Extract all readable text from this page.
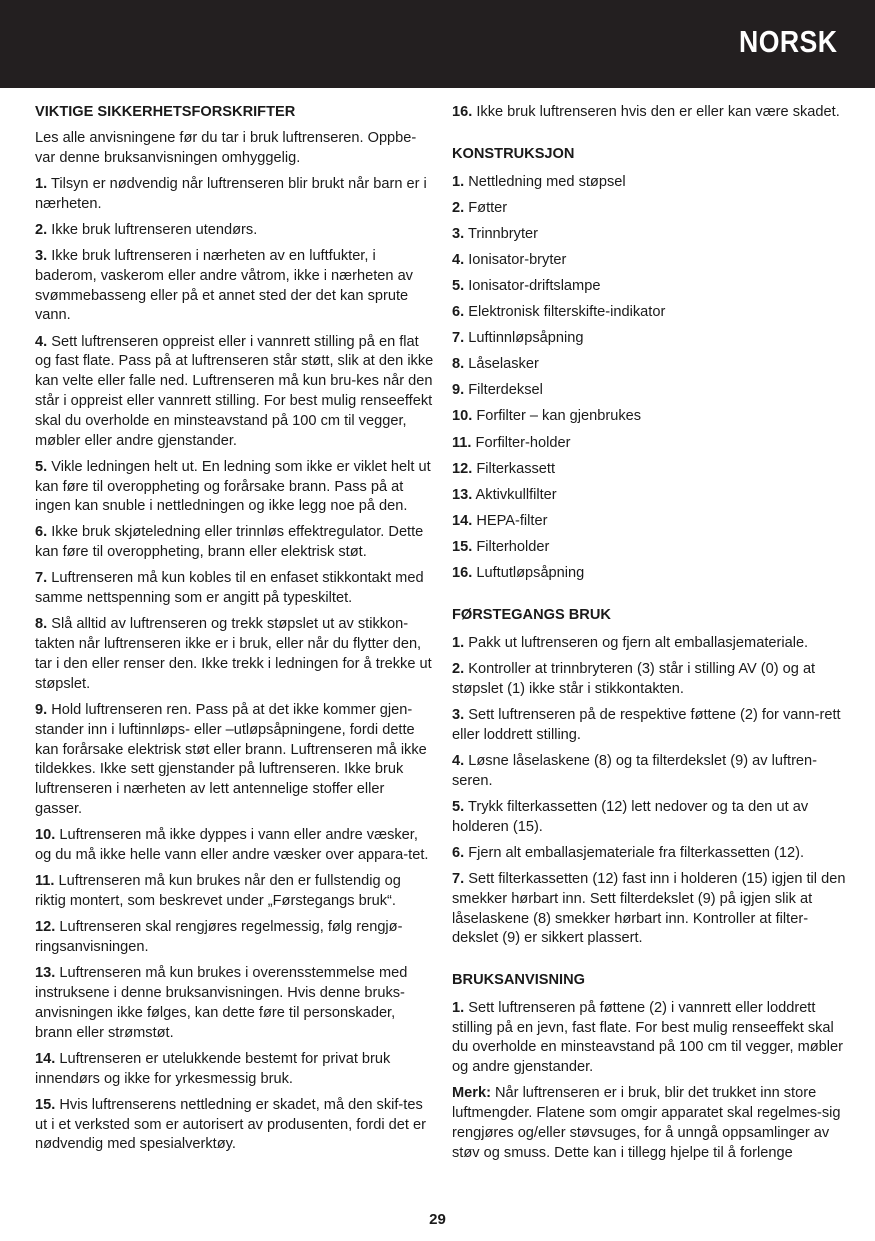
NORSK
VIKTIGE SIKKERHETSFORSKRIFTER

Les alle anvisningene før du tar i bruk luftrenseren. Oppbe-var denne bruksanvisningen omhyggelig.

1. Tilsyn er nødvendig når luftrenseren blir brukt når barn er i nærheten.

2. Ikke bruk luftrenseren utendørs.

3. Ikke bruk luftrenseren i nærheten av en luftfukter, i baderom, vaskerom eller andre våtrom, ikke i nærheten av svømmebasseng eller på et annet sted der det kan sprute vann.

4. Sett luftrenseren oppreist eller i vannrett stilling på en flat og fast flate. Pass på at luftrenseren står støtt, slik at den ikke kan velte eller falle ned. Luftrenseren må kun bru-kes når den står i oppreist eller vannrett stilling. For best mulig renseeffekt skal du overholde en minsteavstand på 100 cm til vegger, møbler eller andre gjenstander.

5. Vikle ledningen helt ut. En ledning som ikke er viklet helt ut kan føre til overoppheting og forårsake brann. Pass på at ingen kan snuble i nettledningen og ikke legg noe på den.

6. Ikke bruk skjøteledning eller trinnløs effektregulator. Dette kan føre til overoppheting, brann eller elektrisk støt.

7. Luftrenseren må kun kobles til en enfaset stikkontakt med samme nettspenning som er angitt på typeskiltet.

8. Slå alltid av luftrenseren og trekk støpslet ut av stikkon-takten når luftrenseren ikke er i bruk, eller når du flytter den, tar i den eller renser den. Ikke trekk i ledningen for å trekke ut støpslet.

9. Hold luftrenseren ren. Pass på at det ikke kommer gjen-stander inn i luftinnløps- eller –utløpsåpningene, fordi dette kan forårsake elektrisk støt eller brann. Luftrenseren må ikke tildekkes. Ikke sett gjenstander på luftrenseren. Ikke bruk luftrenseren i nærheten av lett antennelige stoffer eller gasser.

10. Luftrenseren må ikke dyppes i vann eller andre væsker, og du må ikke helle vann eller andre væsker over appara-tet.

11. Luftrenseren må kun brukes når den er fullstendig og riktig montert, som beskrevet under „Førstegangs bruk“.

12. Luftrenseren skal rengjøres regelmessig, følg rengjø-ringsanvisningen.

13. Luftrenseren må kun brukes i overensstemmelse med instruksene i denne bruksanvisningen. Hvis denne bruks-anvisningen ikke følges, kan dette føre til personskader, brann eller strømstøt.

14. Luftrenseren er utelukkende bestemt for privat bruk innendørs og ikke for yrkesmessig bruk.

15. Hvis luftrenserens nettledning er skadet, må den skif-tes ut i et verksted som er autorisert av produsenten, fordi det er nødvendig med spesialverktøy.

16. Ikke bruk luftrenseren hvis den er eller kan være skadet.

KONSTRUKSJON
1. Nettledning med støpsel
2. Føtter
3. Trinnbryter
4. Ionisator-bryter
5. Ionisator-driftslampe
6. Elektronisk filterskifte-indikator
7. Luftinnløpsåpning
8. Låselasker
9. Filterdeksel
10. Forfilter – kan gjenbrukes
11. Forfilter-holder
12. Filterkassett
13. Aktivkullfilter
14. HEPA-filter
15. Filterholder
16. Luftutløpsåpning
FØRSTEGANGS BRUK

1. Pakk ut luftrenseren og fjern alt emballasjemateriale.

2. Kontroller at trinnbryteren (3) står i stilling AV (0) og at støpslet (1) ikke står i stikkontakten.

3. Sett luftrenseren på de respektive føttene (2) for vann-rett eller loddrett stilling.

4. Løsne låselaskene (8) og ta filterdekslet (9) av luftren-seren.

5. Trykk filterkassetten (12) lett nedover og ta den ut av holderen (15).

6. Fjern alt emballasjemateriale fra filterkassetten (12).

7. Sett filterkassetten (12) fast inn i holderen (15) igjen til den smekker hørbart inn. Sett filterdekslet (9) på igjen slik at låselaskene (8) smekker hørbart inn. Kontroller at filter-dekslet (9) er sikkert plassert.

BRUKSANVISNING

1. Sett luftrenseren på føttene (2) i vannrett eller loddrett stilling på en jevn, fast flate. For best mulig renseeffekt skal du overholde en minsteavstand på 100 cm til vegger, møbler og andre gjenstander.

Merk: Når luftrenseren er i bruk, blir det trukket inn store luftmengder. Flatene som omgir apparatet skal regelmes-sig rengjøres og/eller støvsuges, for å unngå oppsamlinger av støv og smuss. Dette kan i tillegg hjelpe til å forlenge

29
